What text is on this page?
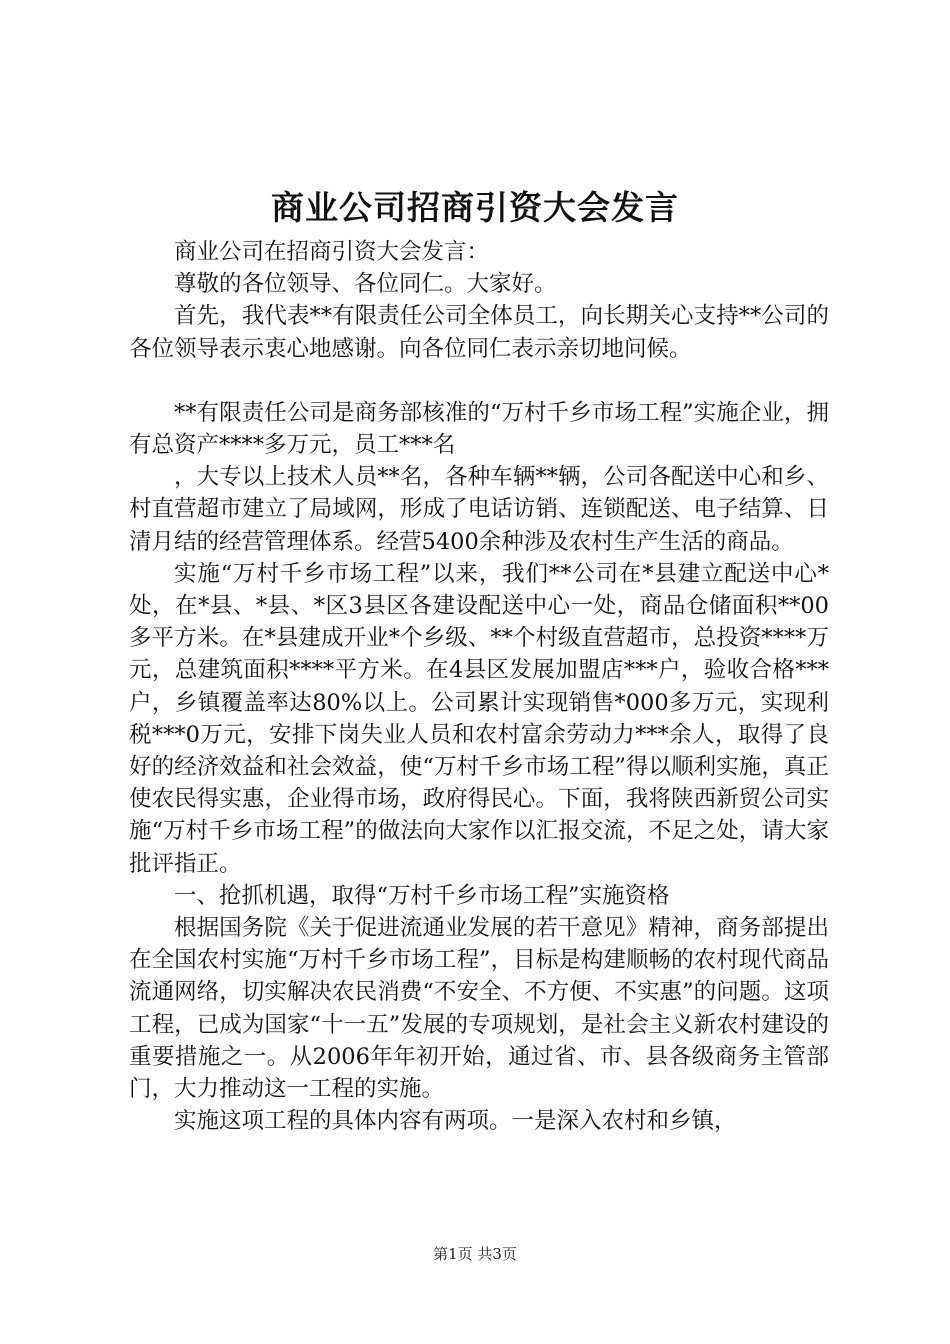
商业公司招商引资大会发言

商业公司在招商引资大会发言：

尊敬的各位领导、各位同仁。大家好。

首先，我代表**有限责任公司全体员工，向长期关心支持**公司的各位领导表示衷心地感谢。向各位同仁表示亲切地问候。

**有限责任公司是商务部核准的“万村千乡市场工程”实施企业，拥有总资产****多万元，员工***名

，大专以上技术人员**名，各种车辆**辆，公司各配送中心和乡、村直营超市建立了局域网，形成了电话访销、连锁配送、电子结算、日清月结的经营管理体系。经营5400余种涉及农村生产生活的商品。

实施“万村千乡市场工程”以来，我们**公司在*县建立配送中心*处，在*县、*县、*区3县区各建设配送中心一处，商品仓储面积**00多平方米。在*县建成开业*个乡级、**个村级直营超市，总投资****万元，总建筑面积****平方米。在4县区发展加盟店***户，验收合格***户，乡镇覆盖率达80%以上。公司累计实现销售*000多万元，实现利税***0万元，安排下岗失业人员和农村富余劳动力***余人，取得了良好的经济效益和社会效益，使“万村千乡市场工程”得以顺利实施，真正使农民得实惠，企业得市场，政府得民心。下面，我将陕西新贸公司实施“万村千乡市场工程”的做法向大家作以汇报交流，不足之处，请大家批评指正。

一、抢抓机遇，取得“万村千乡市场工程”实施资格

根据国务院《关于促进流通业发展的若干意见》精神，商务部提出在全国农村实施“万村千乡市场工程”，目标是构建顺畅的农村现代商品流通网络，切实解决农民消费“不安全、不方便、不实惠”的问题。这项工程，已成为国家“十一五”发展的专项规划，是社会主义新农村建设的重要措施之一。从2006年年初开始，通过省、市、县各级商务主管部门，大力推动这一工程的实施。

实施这项工程的具体内容有两项。一是深入农村和乡镇，

第1页 共3页
